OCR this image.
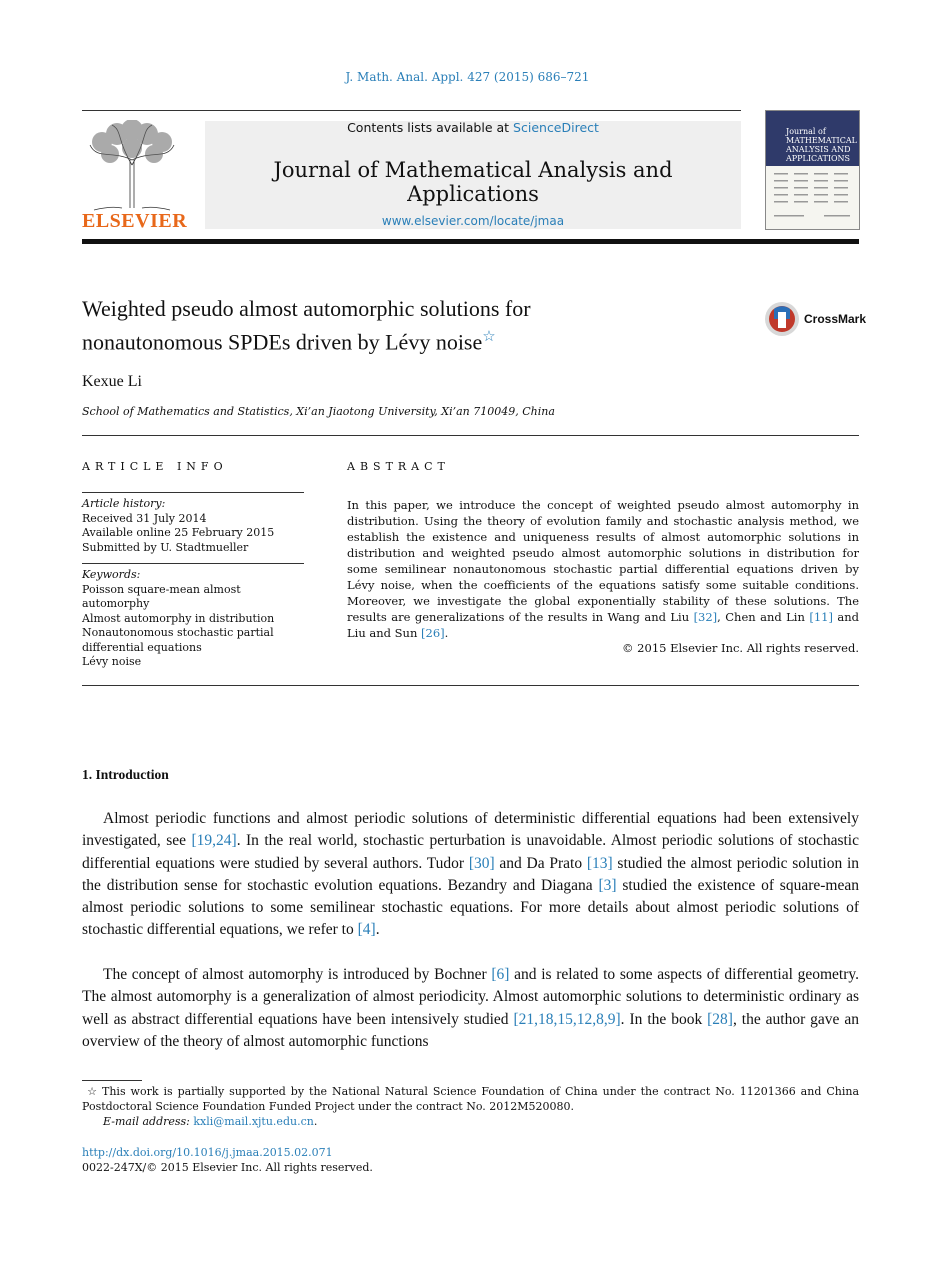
J. Math. Anal. Appl. 427 (2015) 686–721
ELSEVIER
Contents lists available at ScienceDirect
Journal of Mathematical Analysis and Applications
www.elsevier.com/locate/jmaa
Journal of MATHEMATICAL ANALYSIS AND APPLICATIONS
Weighted pseudo almost automorphic solutions for
nonautonomous SPDEs driven by Lévy noise☆
CrossMark
Kexue Li
School of Mathematics and Statistics, Xi’an Jiaotong University, Xi’an 710049, China
ARTICLE INFO
Article history:
Received 31 July 2014
Available online 25 February 2015
Submitted by U. Stadtmueller
Keywords:
Poisson square-mean almost automorphy
Almost automorphy in distribution
Nonautonomous stochastic partial differential equations
Lévy noise
ABSTRACT
In this paper, we introduce the concept of weighted pseudo almost automorphy in distribution. Using the theory of evolution family and stochastic analysis method, we establish the existence and uniqueness results of almost automorphic solutions in distribution and weighted pseudo almost automorphic solutions in distribution for some semilinear nonautonomous stochastic partial differential equations driven by Lévy noise, when the coefficients of the equations satisfy some suitable conditions. Moreover, we investigate the global exponentially stability of these solutions. The results are generalizations of the results in Wang and Liu [32], Chen and Lin [11] and Liu and Sun [26].
© 2015 Elsevier Inc. All rights reserved.
1. Introduction
Almost periodic functions and almost periodic solutions of deterministic differential equations had been extensively investigated, see [19,24]. In the real world, stochastic perturbation is unavoidable. Almost periodic solutions of stochastic differential equations were studied by several authors. Tudor [30] and Da Prato [13] studied the almost periodic solution in the distribution sense for stochastic evolution equations. Bezandry and Diagana [3] studied the existence of square-mean almost periodic solutions to some semilinear stochastic equations. For more details about almost periodic solutions of stochastic differential equations, we refer to [4].
The concept of almost automorphy is introduced by Bochner [6] and is related to some aspects of differential geometry. The almost automorphy is a generalization of almost periodicity. Almost automorphic solutions to deterministic ordinary as well as abstract differential equations have been intensively studied [21,18,15,12,8,9]. In the book [28], the author gave an overview of the theory of almost automorphic functions
☆ This work is partially supported by the National Natural Science Foundation of China under the contract No. 11201366 and China Postdoctoral Science Foundation Funded Project under the contract No. 2012M520080.
E-mail address: kxli@mail.xjtu.edu.cn.
http://dx.doi.org/10.1016/j.jmaa.2015.02.071
0022-247X/© 2015 Elsevier Inc. All rights reserved.
